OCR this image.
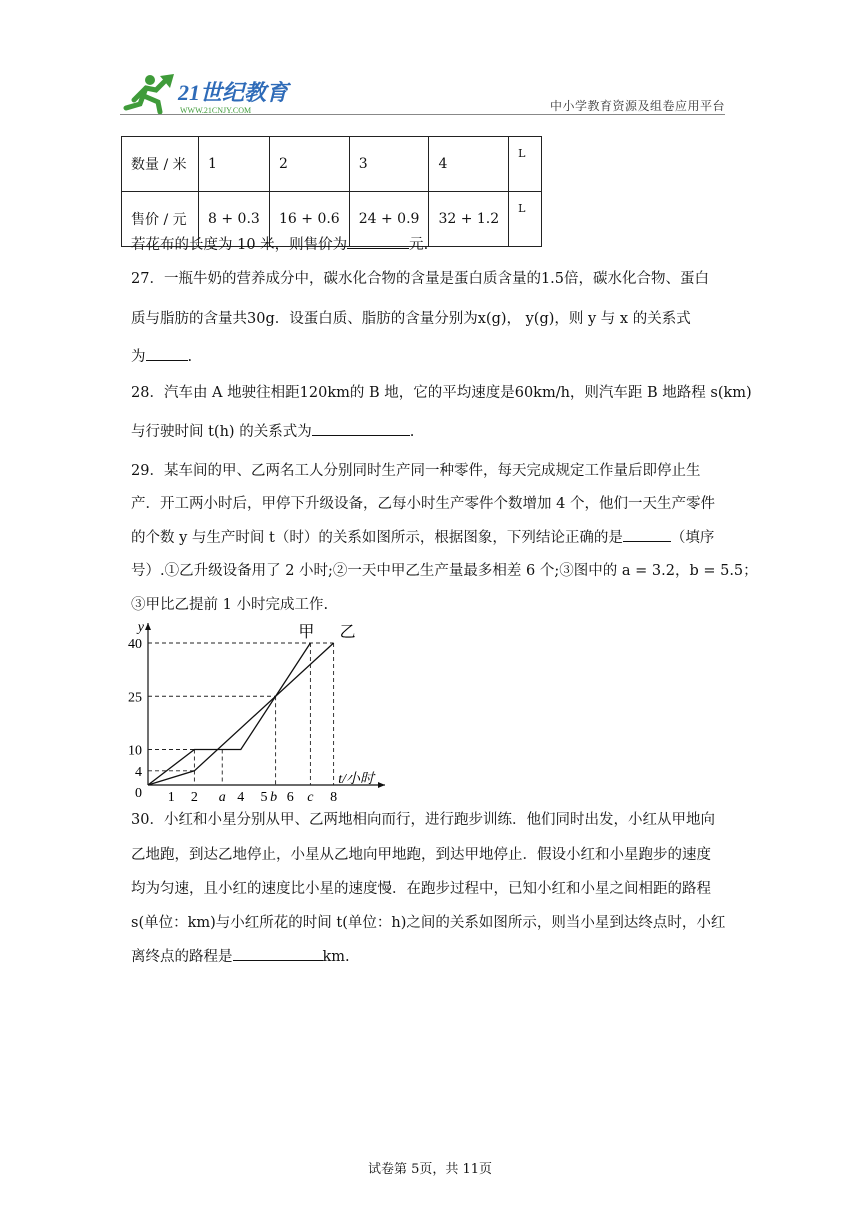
21世纪教育
WWW.21CNJY.COM	中小学教育资源及组卷应用平台
数量 / 米	1	2	3	4	L
售价 / 元	8 + 0.3	16 + 0.6	24 + 0.9	32 + 1.2	L
若花布的长度为 10 米，则售价为	元.
27．一瓶牛奶的营养成分中，碳水化合物的含量是蛋白质含量的1.5倍，碳水化合物、蛋白
质与脂肪的含量共30g．设蛋白质、脂肪的含量分别为x(g)， y(g)，则 y 与 x 的关系式
为	.
28．汽车由 A 地驶往相距120km的 B 地，它的平均速度是60km/h，则汽车距 B 地路程 s(km)
与行驶时间 t(h) 的关系式为	.
29．某车间的甲、乙两名工人分别同时生产同一种零件，每天完成规定工作量后即停止生
产．开工两小时后，甲停下升级设备，乙每小时生产零件个数增加 4 个，他们一天生产零件
的个数 y 与生产时间 t（时）的关系如图所示，根据图象，下列结论正确的是	（填序
号）.①乙升级设备用了 2 小时;②一天中甲乙生产量最多相差 6 个;③图中的 a = 3.2，b = 5.5；
③甲比乙提前 1 小时完成工作.
1 2 a 4 5 b 6 c 8
0
4
10
25
40
y
t/小时
甲 乙
30．小红和小星分别从甲、乙两地相向而行，进行跑步训练．他们同时出发，小红从甲地向
乙地跑，到达乙地停止，小星从乙地向甲地跑，到达甲地停止．假设小红和小星跑步的速度
均为匀速，且小红的速度比小星的速度慢．在跑步过程中，已知小红和小星之间相距的路程
s(单位：km)与小红所花的时间 t(单位：h)之间的关系如图所示，则当小星到达终点时，小红
离终点的路程是	km.
试卷第 5页，共 11页
